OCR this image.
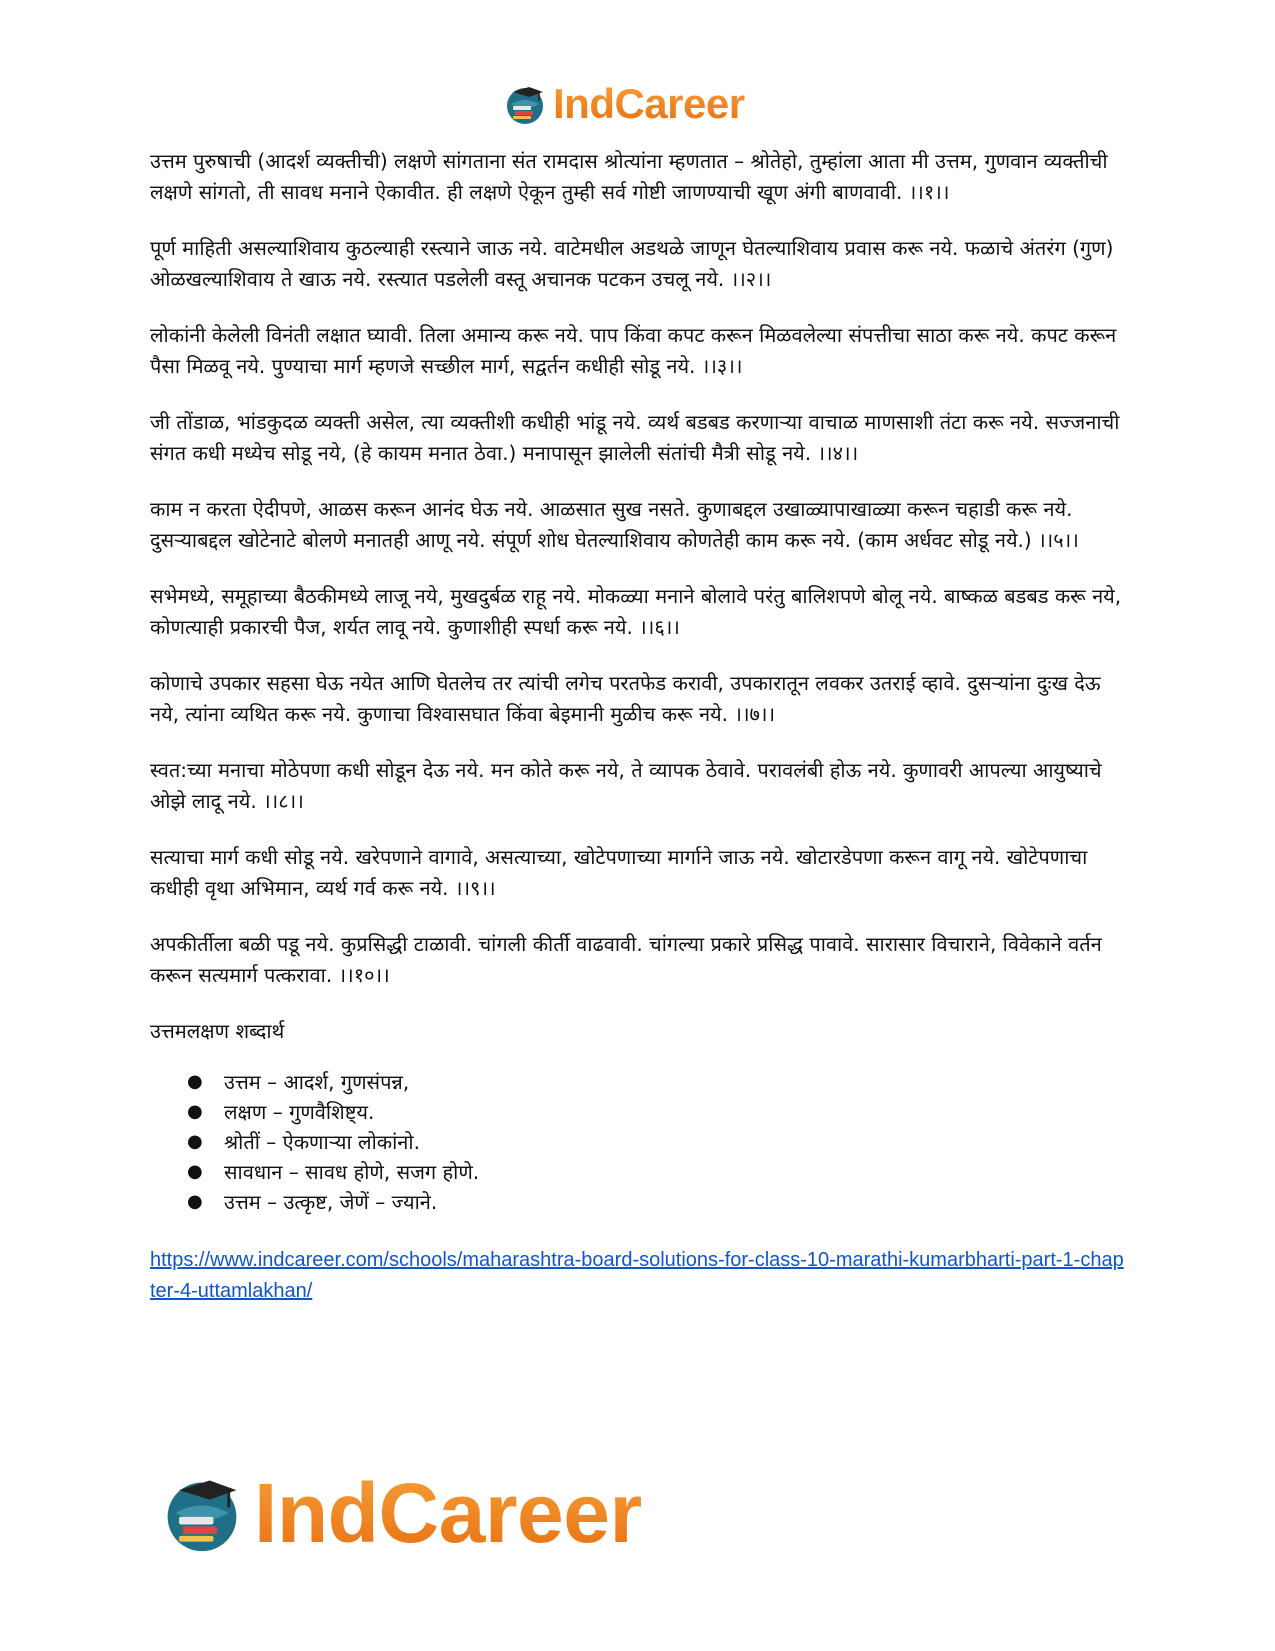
IndCareer

उत्तम पुरुषाची (आदर्श व्यक्तीची) लक्षणे सांगताना संत रामदास श्रोत्यांना म्हणतात – श्रोतेहो, तुम्हांला आता मी उत्तम, गुणवान व्यक्तीची लक्षणे सांगतो, ती सावध मनाने ऐकावीत. ही लक्षणे ऐकून तुम्ही सर्व गोष्टी जाणण्याची खूण अंगी बाणवावी. ।।१।।

पूर्ण माहिती असल्याशिवाय कुठल्याही रस्त्याने जाऊ नये. वाटेमधील अडथळे जाणून घेतल्याशिवाय प्रवास करू नये. फळाचे अंतरंग (गुण) ओळखल्याशिवाय ते खाऊ नये. रस्त्यात पडलेली वस्तू अचानक पटकन उचलू नये. ।।२।।

लोकांनी केलेली विनंती लक्षात घ्यावी. तिला अमान्य करू नये. पाप किंवा कपट करून मिळवलेल्या संपत्तीचा साठा करू नये. कपट करून पैसा मिळवू नये. पुण्याचा मार्ग म्हणजे सच्छील मार्ग, सद्वर्तन कधीही सोडू नये. ।।३।।

जी तोंडाळ, भांडकुदळ व्यक्ती असेल, त्या व्यक्तीशी कधीही भांडू नये. व्यर्थ बडबड करणाऱ्या वाचाळ माणसाशी तंटा करू नये. सज्जनाची संगत कधी मध्येच सोडू नये, (हे कायम मनात ठेवा.) मनापासून झालेली संतांची मैत्री सोडू नये. ।।४।।

काम न करता ऐदीपणे, आळस करून आनंद घेऊ नये. आळसात सुख नसते. कुणाबद्दल उखाळ्यापाखाळ्या करून चहाडी करू नये. दुसऱ्याबद्दल खोटेनाटे बोलणे मनातही आणू नये. संपूर्ण शोध घेतल्याशिवाय कोणतेही काम करू नये. (काम अर्धवट सोडू नये.) ।।५।।

सभेमध्ये, समूहाच्या बैठकीमध्ये लाजू नये, मुखदुर्बळ राहू नये. मोकळ्या मनाने बोलावे परंतु बालिशपणे बोलू नये. बाष्कळ बडबड करू नये, कोणत्याही प्रकारची पैज, शर्यत लावू नये. कुणाशीही स्पर्धा करू नये. ।।६।।

कोणाचे उपकार सहसा घेऊ नयेत आणि घेतलेच तर त्यांची लगेच परतफेड करावी, उपकारातून लवकर उतराई व्हावे. दुसऱ्यांना दुःख देऊ नये, त्यांना व्यथित करू नये. कुणाचा विश्वासघात किंवा बेइमानी मुळीच करू नये. ।।७।।

स्वत:च्या मनाचा मोठेपणा कधी सोडून देऊ नये. मन कोते करू नये, ते व्यापक ठेवावे. परावलंबी होऊ नये. कुणावरी आपल्या आयुष्याचे ओझे लादू नये. ।।८।।

सत्याचा मार्ग कधी सोडू नये. खरेपणाने वागावे, असत्याच्या, खोटेपणाच्या मार्गाने जाऊ नये. खोटारडेपणा करून वागू नये. खोटेपणाचा कधीही वृथा अभिमान, व्यर्थ गर्व करू नये. ।।९।।

अपकीर्तीला बळी पडू नये. कुप्रसिद्धी टाळावी. चांगली कीर्ती वाढवावी. चांगल्या प्रकारे प्रसिद्ध पावावे. सारासार विचाराने, विवेकाने वर्तन करून सत्यमार्ग पत्करावा. ।।१०।।

उत्तमलक्षण शब्दार्थ

● उत्तम – आदर्श, गुणसंपन्न,
● लक्षण – गुणवैशिष्ट्य.
● श्रोतीं – ऐकणाऱ्या लोकांनो.
● सावधान – सावध होणे, सजग होणे.
● उत्तम – उत्कृष्ट, जेणें – ज्याने.
https://www.indcareer.com/schools/maharashtra-board-solutions-for-class-10-marathi-kumarbharti-part-1-chapter-4-uttamlakhan/
IndCareer
